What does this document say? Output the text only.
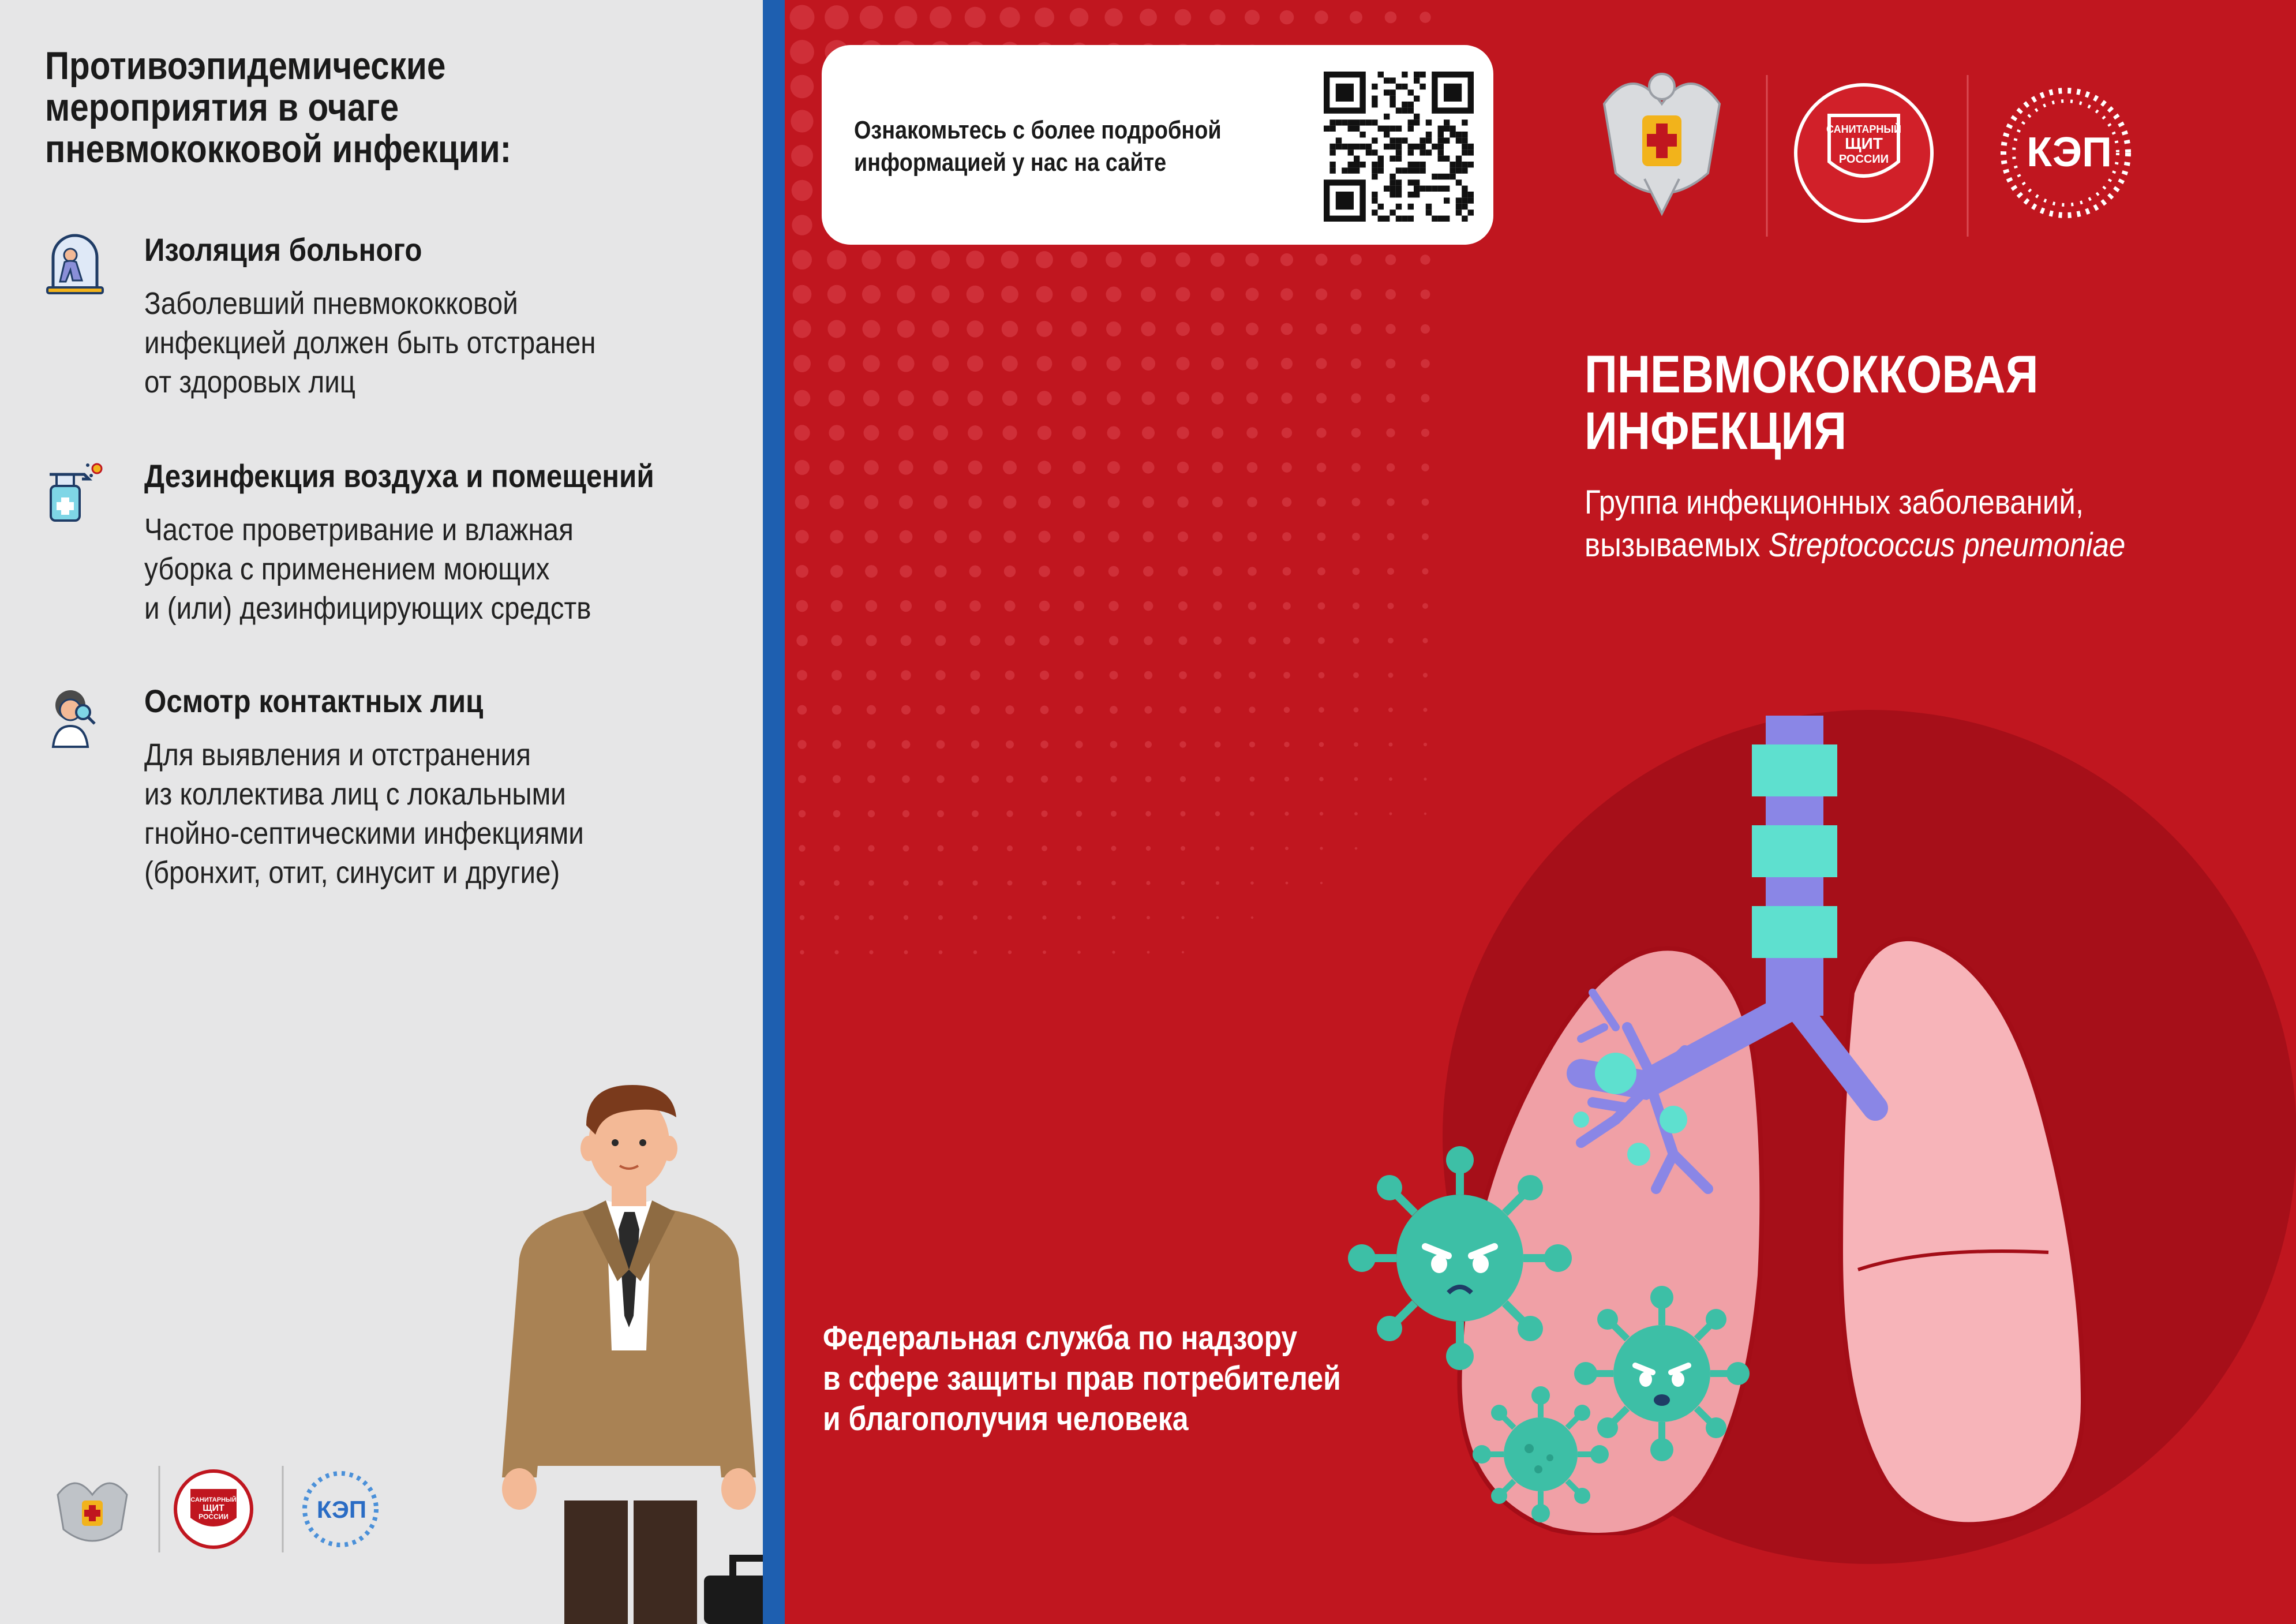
Противоэпидемические
мероприятия в очаге
пневмококковой инфекции:
Изоляция больного
Заболевший пневмококковой
инфекцией должен быть отстранен
от здоровых лиц
Дезинфекция воздуха и помещений
Частое проветривание и влажная
уборка с применением моющих
и (или) дезинфицирующих средств
Осмотр контактных лиц
Для выявления и отстранения
из коллектива лиц с локальными
гнойно-септическими инфекциями
(бронхит, отит, синусит и другие)
САНИТАРНЫЙ
ЩИТ
РОССИИ	КЭП
Ознакомьтесь с более подробной
информацией у нас на сайте
САНИТАРНЫЙ
ЩИТ
РОССИИ	КЭП
ПНЕВМОКОККОВАЯ
ИНФЕКЦИЯ
Группа инфекционных заболеваний,
вызываемых Streptococcus pneumoniae
Федеральная служба по надзору
в сфере защиты прав потребителей
и благополучия человека
